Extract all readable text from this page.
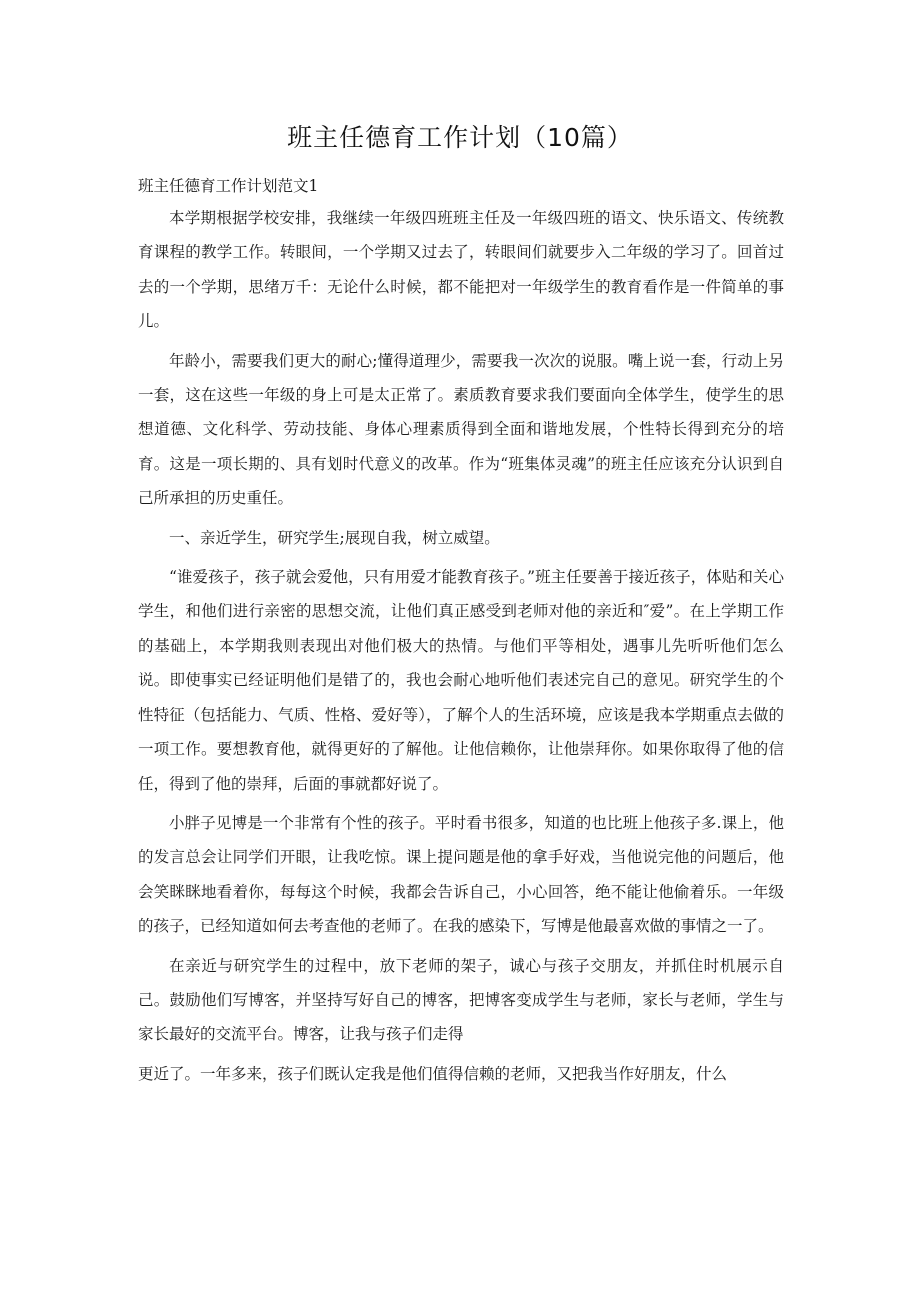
班主任德育工作计划（10篇）

班主任德育工作计划范文1

本学期根据学校安排，我继续一年级四班班主任及一年级四班的语文、快乐语文、传统教育课程的教学工作。转眼间，一个学期又过去了，转眼间们就要步入二年级的学习了。回首过去的一个学期，思绪万千：无论什么时候，都不能把对一年级学生的教育看作是一件简单的事儿。

年龄小，需要我们更大的耐心;懂得道理少，需要我一次次的说服。嘴上说一套，行动上另一套，这在这些一年级的身上可是太正常了。素质教育要求我们要面向全体学生，使学生的思想道德、文化科学、劳动技能、身体心理素质得到全面和谐地发展，个性特长得到充分的培育。这是一项长期的、具有划时代意义的改革。作为“班集体灵魂”的班主任应该充分认识到自己所承担的历史重任。

一、亲近学生，研究学生;展现自我，树立威望。

“谁爱孩子，孩子就会爱他，只有用爱才能教育孩子。”班主任要善于接近孩子，体贴和关心学生，和他们进行亲密的思想交流，让他们真正感受到老师对他的亲近和″爱”。在上学期工作的基础上，本学期我则表现出对他们极大的热情。与他们平等相处，遇事儿先听听他们怎么说。即使事实已经证明他们是错了的，我也会耐心地听他们表述完自己的意见。研究学生的个性特征（包括能力、气质、性格、爱好等），了解个人的生活环境，应该是我本学期重点去做的一项工作。要想教育他，就得更好的了解他。让他信赖你，让他崇拜你。如果你取得了他的信任，得到了他的崇拜，后面的事就都好说了。

小胖子见博是一个非常有个性的孩子。平时看书很多，知道的也比班上他孩子多.课上，他的发言总会让同学们开眼，让我吃惊。课上提问题是他的拿手好戏，当他说完他的问题后，他会笑眯眯地看着你，每每这个时候，我都会告诉自己，小心回答，绝不能让他偷着乐。一年级的孩子，已经知道如何去考查他的老师了。在我的感染下，写博是他最喜欢做的事情之一了。

在亲近与研究学生的过程中，放下老师的架子，诚心与孩子交朋友，并抓住时机展示自己。鼓励他们写博客，并坚持写好自己的博客，把博客变成学生与老师，家长与老师，学生与家长最好的交流平台。博客，让我与孩子们走得

更近了。一年多来，孩子们既认定我是他们值得信赖的老师，又把我当作好朋友，什么
